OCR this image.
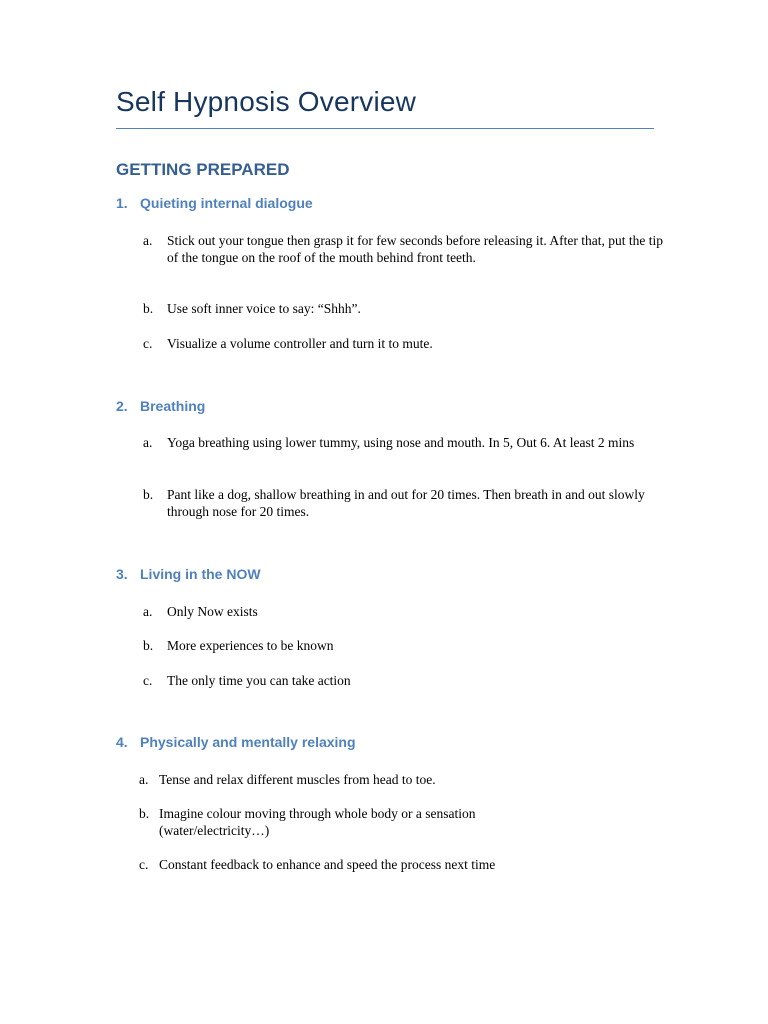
Self Hypnosis Overview
GETTING PREPARED
1. Quieting internal dialogue
a.	Stick out your tongue then grasp it for few seconds before releasing it. After that, put the tip of the tongue on the roof of the mouth behind front teeth.
b.	Use soft inner voice to say: “Shhh”.
c.	Visualize a volume controller and turn it to mute.
2. Breathing
a.	Yoga breathing using lower tummy, using nose and mouth. In 5, Out 6. At least 2 mins
b.	Pant like a dog, shallow breathing in and out for 20 times. Then breath in and out slowly through nose for 20 times.
3. Living in the NOW
a.	Only Now exists
b.	More experiences to be known
c.	The only time you can take action
4. Physically and mentally relaxing
a. Tense and relax different muscles from head to toe.
b. Imagine colour moving through whole body or a sensation (water/electricity…)
c. Constant feedback to enhance and speed the process next time
